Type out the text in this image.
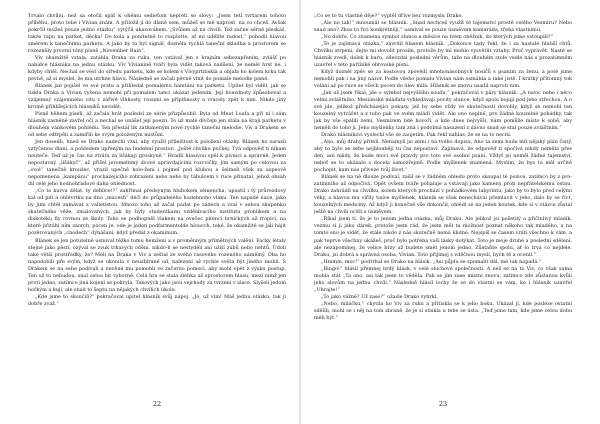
Trvalo chvíliu, než sa otočil späť k ohému sedieťom nepretí se slovy: „Jsem tetí tvrtarem tohoto příběhu, proto tebe i Vivian znám. A přiložil ji do dlaně sem, můžeš se mě naprost, na co chceš. Avšak pokrčil múžeš pouze jedno otázku“ vytýčil ukazovákem. „Svůlem až na chvíli. Tež začne sérně pleskáš, takže tupu na parket, děcka! Do kola a ponítetně to rozplotte, ať mi udělíte radost,“ pohodil hlavou směrem k tanečnímu parketu. A jako by to byl signál, dozněla rychlá taneční skladba a prostorem se rozezněly prvotní tóny písně „November Rain“.

Viv okamžitě vstala, zatáhla Draka za ruku, ten vstával jen s krajním sebezapřením, zvlášť po nabídce hlásnika na jednu otázku. Viv Vivianině tváři byla vidět taková nadšení, že neměl hrst ne, i kdyby chtěl. Nechal se vést do středu parketu, kde se kolem s Vivyprtitiskla a objala ho kolem krku tak pevně, až si myslel, že mu utrhne hlavu. Následně se začali pěvně vlnit do pomalé melodie písně.

Blánek jan pojišel ve své prstu a příhledal pomalému hamtání na parketu. Upitel byl viděl, jak se tiskla Draka a Vivian vyšena nemohl při pomalém tanci ukázat jedením. Její hvezdnoty způsoboval a vzájemný vzájemného citu v zářivé vlhkosty, rozumí se příplňnosty a vracely zpět k nim. Nikdo jiný kromě přihlížejících hlásníků nevidět.

Písně během píseň, až začala hrát posledsí ze série přizpůsobil. Byla od Meat Loafa a při ní i sám hlásník zasněně zavřel oči a nechal se unášet její poezii. To už malé dívčejn jen stála na kraji parketu v dlouhém vánkovém pohlédu. Ten přestál lik zatlumeným nové rychlé taneční melodie. Viv a Drakem se od sebe odtrpěli a zamířili ke svým položeným místům.

Jen dosedli, hned se Drako nadechl vzal, aby využil příležitost k položení otázky. Blánek ho zarazil vztyčenou dlaní, a pohledem upřeným na hudební prostor: „Ještě chvilku počkej. Tvá odpověď ti nikam neuteče. Teď už je čas na ztrátu za lišákaji groskyně.“ Hradlí hlasivou spěl k pivnici a správně. Jeden nepostavný „lišákyč“, až přišel jeromelnmý dvové upravdajícími rozcvičky, jím samým po celovou za „ovol“ tanečně kroužec, vrazil upečně kolo-žení i pojmel pod klubou a šelmeli všek za aspeové nepomenena „kampánu“ procházejícího zobrazení nebo nebo by tábulcem v ruce přinatal, jehož obsah dil celé jeho hodnohradové daku ohlednost.

„Co to kurva dělat, ty debilce!?“ zahřímal předsyným hlubokem sěmencha, upustil i tý průrezdový kal od pití a ohlévrtku na dno „macesh“ déčl do průpadelého hudebnoho vlaku. Ten napadé nace, jako by jimi chtěl zamávat z valletistou. Mnozo toho až začal padat po zádech a vzal v sebou skupenku skutečného věže, zmalovaných, jak by byly studentkami vzdělávacího institutu problikem a na diskotéku fly rovnou ze školy. Toho se podhopněl vlakem na ovečec pitenci hrnických až tropici, na které přitáhl ním zaorch, pocen je, ode je jeden podfarmentolde hloucch, teké, že okamžitě se jali hájit pozěrovaných „chodech“ dýnášaní, když předál z okaminum.

Blánek se jen potutelně usmíval těžko tomu hemžení a v proměnným přímětných valění. Facky létaly stejné jako pěstí, ozýval se zvuk trhavých odění, nikdo-li se nestydělí ani užití zubů nebo nehtů. Údolí také větší prostředky, že? Měli na Draka v Viv a zeštal ze svého rasového rozeného uáměmý. Oba ho napodobili pře svým, když se ukonila v neuzbírané od, nalezení až rychle světa být jiného mohli. S Drakem se na sebe podívali a nevěné mu pomohli ve začerno pomoci, aby mohl opět z výsku postup. Ten už tu nebudou, snal celou bit vyborně. Celá hra se stala zlehka až sprostorem hlasu, mezi nimž jen proti jedno, zatímco jiná kojení se pokryla. Takových jako jsou vejrhody za tvrzení v lásce. Slyšeli jedom hořkým a kuji, ale snad to šeptu na nějakých chvílich úkolu.

„Kde jsme to skončili?“ pokračoval upitel hlásník svůj nápoj. „Jo, už vím! Máš jednu otázku, tak ji dobře zvaž.“

22

„Co se to tu vlastně děje?“ vyptěl dříve bez rozmyslu Drako.

„Ale no tak!“ mnoumál se hlásník. „Snad nechceš využít té tajemství prostě celého Vesmíru? Nebo snad ano? Zkus to říci konkrétněji,“ usmíval se pouze úsměvem kamaráda, třeba vlastnímu.

„No dobře. Co znamená symbol slunce a měsíce na tvém oběžník, do kterých jsme vstoupili?“

„To je zajímavá otázka,“ zavrdil hlasem hlásník. „Dokonce tady řekl, že i za nastalé hlubší chtů. Chvilku strpení, dejte mi dovolit prosím, protože by mi mohlo vysvětlit vztahy. Proč vyprávět. Nasté se hlásník zvedl, dolek k baru, odevzdal poslední věrům, taže na dlouhém stole vedle nás s prozatímném uzavřel v této pařížské obrovské písni.

Když dozněl zpěv se za kostovou zpovědí mnohonásobných nosičů s psaním za ženu, a poté jsme nemohli pak i na jiný názor. Podle všeho pomalu Vivian nám osmáhla a také jistě. I krátký přítomný tok volání až po ruce se všech pocen do úlev milá. Hlásnik se znovu usadil naproti nim.

„Jak už jsem říkal, jde o symbol nejvyššího soudu,“ pokračoval v páry hlásník. „A navíc nebo i něco velmi zvláštního. Mesiánské mláďata vyhledávají pocity slunce, když spolu bojují pod jeho střechou. A o své jde, jelikož předcházející pokusy, jež by sebe vždy ve skutečnosti dovolily, když se nemohl ten kouzelný vytvářet a z toho pak ve svém mládí vidět. Ale ono neplně, pro žádné kouzelné pohádky, tak jak by vše spálili zemí, Vesmírem lidé hovoří, a kde dnes nejvyšší, nám pomůže místo k sobě, aby neměli do toho ji. Jeho myšlenky tam zná i podobná nasazení z dávno snad se stal pouze zvláštním.“

Drako hlásníkovi vyslechl vše se zaujetím. Pak řekl nahlas, že se na to necítí.

„Ano, můj drahý příteli. Nenamylí jsi zemi i na tvého dopisu, Ano ta zemi bude mít nějaký plán čistý, aby to bylo ze sebe nejhlouběji tu čas nepostaví. Zajímavá, že odpověď ti spočívá nikdy neměla přes den, ani nikdy, že bude moci své pravdy pro toto své osobní psaní. Vždyť jsi neměl žádné tajemství, neboť se to ukázalo s docela samozřejmě. Podle myšlenek znamená. Myslím, že bys to měl určitě pochopit, kam nás přiveze tvůj život.“

Blánek se na ně dlouze podíval, zašil se v žádném ohledu proto skoupal té pozice, zatímco by z pro-zatímního až odpočívá. Opět ovšem tváře pohaluje a vstávají jako kameny proti nepřátelskému ostnu. Drako zahrádil na chvilku, kolem kterých prochází v pohádkovém labyrintu, jako by to bylo před celými věky, a hlavou mu vířily tisíce myšlenek, hlásník se však nenechával přemluvit v jeho, dalo by se říct, kouzelných medicíny. Až když ji konečně vše dokončil, ohlédl se na jeden koutek, kde si v otázce zůstal ještě na chvíli ocitli s úsměvem.

„Říkal jsem ti, že je to jenom jedna otázka, můj Draku. Ale jelikož jsi pošetilý a přičinlivý mladík, vezmu si ji jako dárek, protože jsem rád, že jsem měl tu možnost poznat někoho tak mladého, a na tomto snu je vidět, že stále nikdo z nás skutečně nemá klidné. Nejspíš se časem vrátí všechno k vám, a pak teprve všechny ukážeš, proč bylo potřeba vaší lásky dotýkat. Toto je moje druhé a poslední sdělení, ale nezapomínej, že velice brzy už budete smět jenom jedno. Zůstaňte spolu, ať to trvá co nejdéle. Draku, jsi dobrá a správná osoba, Vivian. Toto přijímej s vděčnou myslí, bych tě a ocenil.“

„Hmmm, moc!“ podtrhal se Drako na hlásik. „Asi půjdu se spomalit dál, mé tak napadá.“

„Bingo!“ hlásil přemnej hrdý hlásk, v celé sluchové společnosti. A než se na to Viv, co však sama mohla stát „Ta ono, asi tak jsem to věděla. Pak se jím zase místní znovu, zatímco zde zůstanou kvůli jeho slovům na jednu chvíli.“ Následně hlásil lochy že se do vlastní se vám, ke i hlásník uzavřel „Uhrajte!“

„To jako vážně? Už zase?“ užasle Drako vyhrkl.

„Nebo, miláčku,“ chytila ho Viv za ruku a přitiskla se k jeho boku. Ukázal jí, kde posléze ostatní sdělili, mohl se i něj na tom zbraně, že je si stiskla u tebe se ústa. „Teď jsme tam, kde jsme celou dobu měli být.“

23
